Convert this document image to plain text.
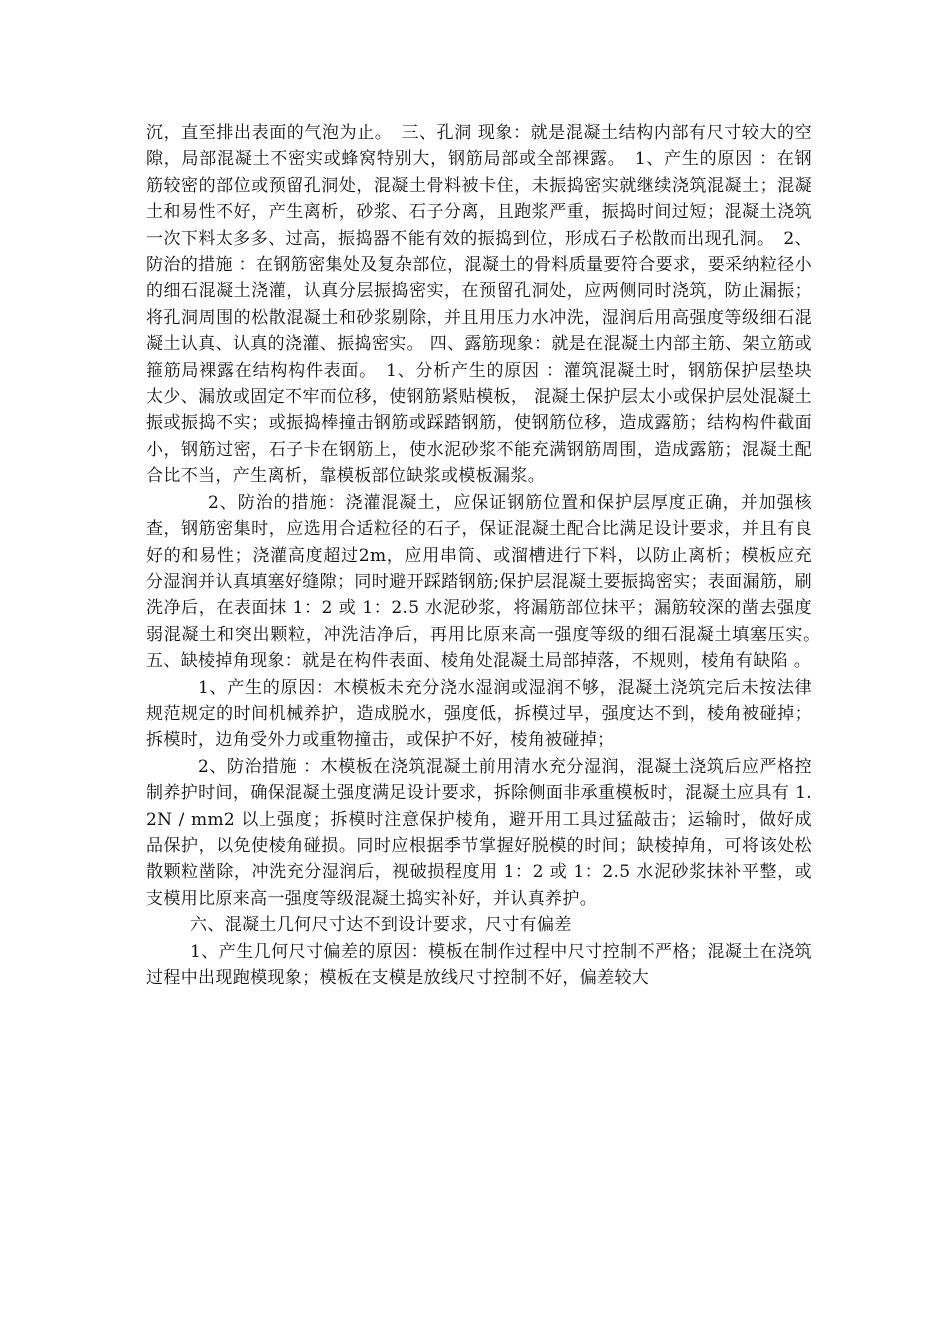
沉，直至排出表面的气泡为止。　三、孔洞 现象：就是混凝土结构内部有尺寸较大的空隙，局部混凝土不密实或蜂窝特别大，钢筋局部或全部裸露。　1、产生的原因 ：在钢筋较密的部位或预留孔洞处，混凝土骨料被卡住，未振捣密实就继续浇筑混凝土；混凝土和易性不好，产生离析，砂浆、石子分离，且跑浆严重，振捣时间过短；混凝土浇筑一次下料太多多、过高，振捣器不能有效的振捣到位，形成石子松散而出现孔洞。　2、防治的措施 ：在钢筋密集处及复杂部位，混凝土的骨料质量要符合要求，要采纳粒径小的细石混凝土浇灌，认真分层振捣密实，在预留孔洞处，应两侧同时浇筑，防止漏振；将孔洞周围的松散混凝土和砂浆剔除，并且用压力水冲洗，湿润后用高强度等级细石混凝土认真、认真的浇灌、振捣密实。 四、露筋现象：就是在混凝土内部主筋、架立筋或箍筋局裸露在结构构件表面。　1、分析产生的原因 ：灌筑混凝土时，钢筋保护层垫块太少、漏放或固定不牢而位移，使钢筋紧贴模板， 混凝土保护层太小或保护层处混凝土振或振捣不实；或振捣棒撞击钢筋或踩踏钢筋，使钢筋位移，造成露筋；结构构件截面小，钢筋过密，石子卡在钢筋上，使水泥砂浆不能充满钢筋周围，造成露筋；混凝土配合比不当，产生离析，靠模板部位缺浆或模板漏浆。

2、防治的措施：浇灌混凝土，应保证钢筋位置和保护层厚度正确，并加强核查，钢筋密集时，应选用合适粒径的石子，保证混凝土配合比满足设计要求，并且有良好的和易性；浇灌高度超过2m，应用串筒、或溜槽进行下料，以防止离析；模板应充分湿润并认真填塞好缝隙；同时避开踩踏钢筋;保护层混凝土要振捣密实；表面漏筋，刷洗净后，在表面抹 1：2 或 1：2.5 水泥砂浆，将漏筋部位抹平；漏筋较深的凿去强度弱混凝土和突出颗粒，冲洗洁净后，再用比原来高一强度等级的细石混凝土填塞压实。　五、缺棱掉角现象：就是在构件表面、棱角处混凝土局部掉落，不规则，棱角有缺陷 。

1、产生的原因：木模板未充分浇水湿润或湿润不够，混凝土浇筑完后未按法律规范规定的时间机械养护，造成脱水，强度低，拆模过早，强度达不到，棱角被碰掉；拆模时，边角受外力或重物撞击，或保护不好，棱角被碰掉；

2、防治措施 ：木模板在浇筑混凝土前用清水充分湿润，混凝土浇筑后应严格控制养护时间，确保混凝土强度满足设计要求，拆除侧面非承重模板时，混凝土应具有 1.2N / mm2 以上强度；拆模时注意保护棱角，避开用工具过猛敲击；运输时，做好成品保护，以免使棱角碰损。同时应根据季节掌握好脱模的时间；缺棱掉角，可将该处松散颗粒凿除，冲洗充分湿润后，视破损程度用 1：2 或 1：2.5 水泥砂浆抹补平整，或支模用比原来高一强度等级混凝土捣实补好，并认真养护。

六、混凝土几何尺寸达不到设计要求，尺寸有偏差

1、产生几何尺寸偏差的原因：模板在制作过程中尺寸控制不严格；混凝土在浇筑过程中出现跑模现象；模板在支模是放线尺寸控制不好，偏差较大
